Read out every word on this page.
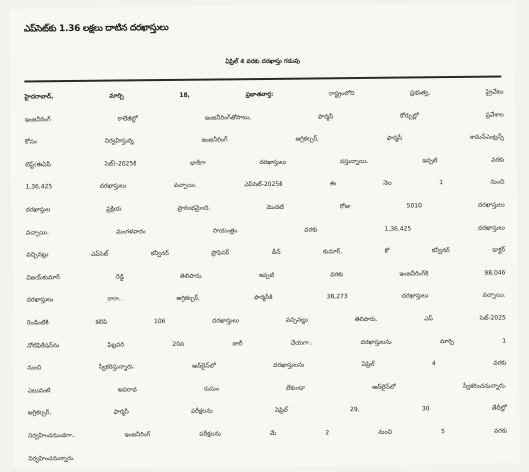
ఎప్‌సెట్‌కు 1.36 లక్షలు దాటిన దరఖాస్తులు
ఏప్రిల్ 4 వరకు దరఖాస్తు గడువు

హైదరాబాద్, మార్చి 18, ప్రభాతవార్త:	రాష్ట్రంలోని ప్రభుత్వ, ప్రైవేటు
ఇంజనీరింగ్ కాలేజీల్లో ఇంజనీరింగ్‌తోపాటు, ఫార్మసీ కోర్సుల్లో ప్రవేశాల
కోసం నిర్వహిస్తున్న ఇంజనీరింగ్ అగ్రికల్చర్, ఫార్మసీ కామన్‌ఎంట్రన్స్
టెస్ట్(ఈఏపీ సెట్)-2025కి భారీగా దరఖాస్తులు వస్తున్నాయి. ఇప్పటి వరకు
1,36,425 దరఖాస్తులు వచ్చాయి. ఎప్‌సెట్-2025కి ఈ నెల 1 నుంచి
దరఖాస్తుల ప్రక్రియ ప్రారంభమైంది. మొదటి రోజు 5010 దరఖాస్తులు
వచ్చాయి. మంగళవారం సాయంత్రం వరకు 1,36,425 దరఖాస్తులు
వచ్చినట్లు ఎప్‌సెట్ కన్వీనర్ ప్రొఫెసర్ డీన్ కుమార్, కో కన్వీనర్ డాక్టర్
విజయ్‌కుమార్ రెడ్డి తెలిపారు. ఇప్పటి వరకు ఇంజనీరింగ్‌కి 98,046
దరఖాస్తులు రాగా.. అగ్రికల్చర్, ఫార్మసీకి 38,273 దరఖాస్తులు వచ్చాయి.
రెండింటికి కలిపి 106 దరఖాస్తులు వచ్చినట్టు తెలిపారు. ఎప్ సెట్-2025
నోటిఫికేషన్‌ను ఫిబ్రవరి 20న జారీ చేయగా.. దరఖాస్తులను మార్చి 1
నుంచి స్వీకరిస్తున్నారు. ఆన్‌లైన్‌లో దరఖాస్తులను ఏప్రిల్ 4 వరకు
ఎటువంటి అపరాధ రుసుం లేకుండా ఆన్‌లైన్‌లో స్వీకరించనున్నారు.
అగ్రికల్చర్, ఫార్మసీ పరీక్షలను ఏప్రిల్ 29, 30 తేదీల్లో
నిర్వహించనుండగా.. ఇంజనీరింగ్ పరీక్షలను మే 2 నుంచి 5 వరకు
నిర్వహించనున్నారు.
